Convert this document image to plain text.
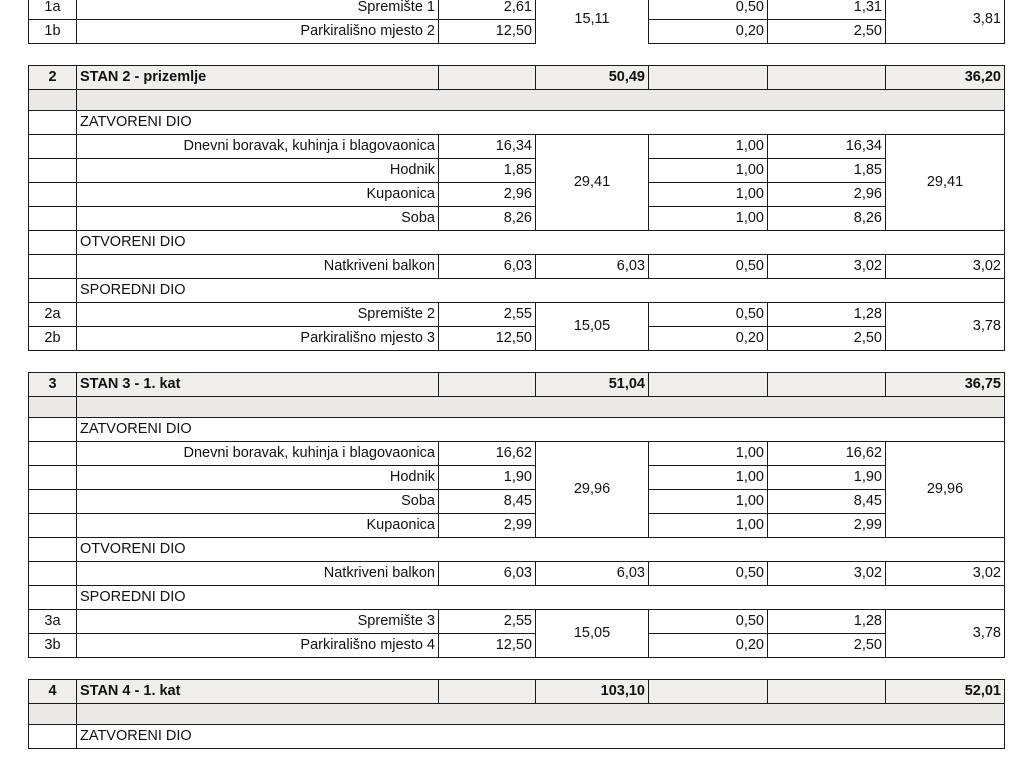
1a	Spremište 1	2,61	15,11	0,50	1,31	3,81
1b	Parkirališno mjesto 2	12,50		0,20	2,50	

2	STAN 2 - prizemlje		50,49			36,20

	ZATVORENI DIO					
	Dnevni boravak, kuhinja i blagovaonica	16,34	29,41	1,00	16,34	29,41
	Hodnik	1,85		1,00	1,85	
	Kupaonica	2,96		1,00	2,96	
	Soba	8,26		1,00	8,26	
	OTVORENI DIO					
	Natkriveni balkon	6,03	6,03	0,50	3,02	3,02
	SPOREDNI DIO					
2a	Spremište 2	2,55	15,05	0,50	1,28	3,78
2b	Parkirališno mjesto 3	12,50		0,20	2,50	

3	STAN 3 - 1. kat		51,04			36,75

	ZATVORENI DIO					
	Dnevni boravak, kuhinja i blagovaonica	16,62	29,96	1,00	16,62	29,96
	Hodnik	1,90		1,00	1,90	
	Soba	8,45		1,00	8,45	
	Kupaonica	2,99		1,00	2,99	
	OTVORENI DIO					
	Natkriveni balkon	6,03	6,03	0,50	3,02	3,02
	SPOREDNI DIO					
3a	Spremište 3	2,55	15,05	0,50	1,28	3,78
3b	Parkirališno mjesto 4	12,50		0,20	2,50	

4	STAN 4 - 1. kat		103,10			52,01

	ZATVORENI DIO					
